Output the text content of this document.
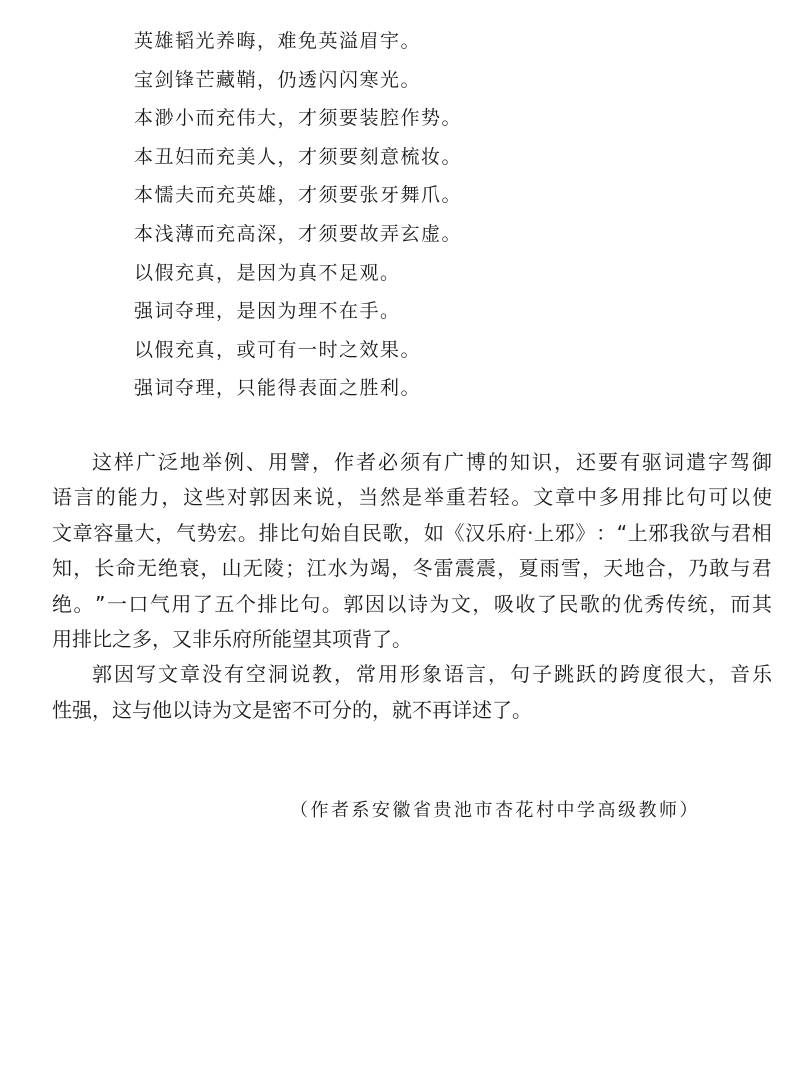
英雄韬光养晦，难免英溢眉宇。
宝剑锋芒藏鞘，仍透闪闪寒光。
本渺小而充伟大，才须要装腔作势。
本丑妇而充美人，才须要刻意梳妆。
本懦夫而充英雄，才须要张牙舞爪。
本浅薄而充高深，才须要故弄玄虚。
以假充真，是因为真不足观。
强词夺理，是因为理不在手。
以假充真，或可有一时之效果。
强词夺理，只能得表面之胜利。
这 样 广 泛 地 举 例 、 用 譬 ， 作 者 必 须 有 广 博 的 知 识 ， 还 要 有 驱 词 遣 字 驾 御
语 言 的 能 力 ， 这 些 对 郭 因 来 说 ， 当 然 是 举 重 若 轻 。 文 章 中 多 用 排 比 句 可 以 使
文 章 容 量 大 ， 气 势 宏 。 排 比 句 始 自 民 歌 ， 如 《 汉 乐 府 · 上 邪 》 ： “ 上 邪 我 欲 与 君 相
知 ， 长 命 无 绝 衰 ， 山 无 陵 ； 江 水 为 竭 ， 冬 雷 震 震 ， 夏 雨 雪 ， 天 地 合 ， 乃 敢 与 君
绝 。 ” 一 口 气 用 了 五 个 排 比 句 。 郭 因 以 诗 为 文 ， 吸 收 了 民 歌 的 优 秀 传 统 ， 而 其
用排比之多，又非乐府所能望其项背了。
郭 因 写 文 章 没 有 空 洞 说 教 ， 常 用 形 象 语 言 ， 句 子 跳 跃 的 跨 度 很 大 ， 音 乐
性强，这与他以诗为文是密不可分的，就不再详述了。
（作者系安徽省贵池市杏花村中学高级教师）
